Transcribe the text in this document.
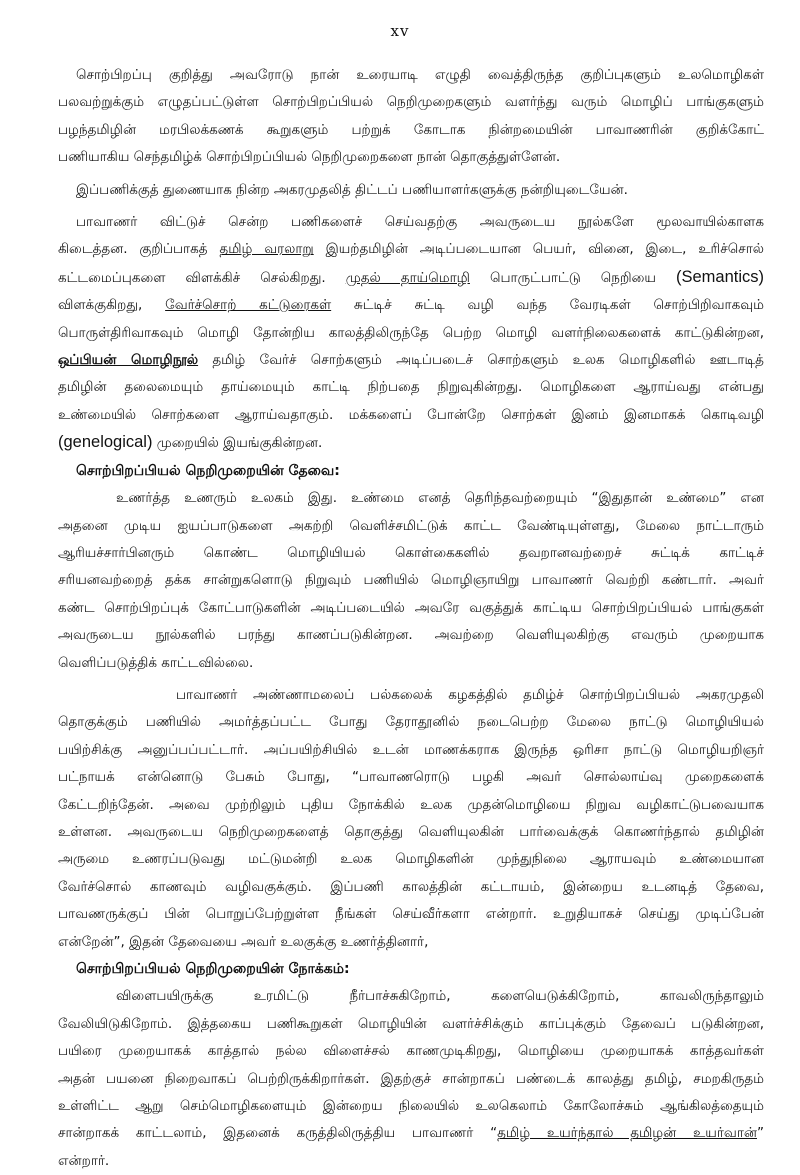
xv
சொற்பிறப்பு குறித்து அவரோடு நான் உரையாடி எழுதி வைத்திருந்த குறிப்புகளும் உலமொழிகள்
பலவற்றுக்கும் எழுதப்பட்டுள்ள சொற்பிறப்பியல் நெறிமுறைகளும் வளர்ந்து வரும் மொழிப் பாங்குகளும்
பழந்தமிழின் மரபிலக்கணக் கூறுகளும் பற்றுக் கோடாக நின்றமையின் பாவாணரின் குறிக்கோட்
பணியாகிய செந்தமிழ்க் சொற்பிறப்பியல் நெறிமுறைகளை நான் தொகுத்துள்ளேன்.
இப்பணிக்குத் துணையாக நின்ற அகரமுதலித் திட்டப் பணியாளர்களுக்கு நன்றியுடையேன்.
பாவாணர் விட்டுச் சென்ற பணிகளைச் செய்வதற்கு அவருடைய நூல்களே மூலவாயில்காளக
கிடைத்தன. குறிப்பாகத் தமிழ் வரலாறு இயற்தமிழின் அடிப்படையான பெயர், வினை, இடை, உரிச்சொல்
கட்டமைப்புகளை விளக்கிச் செல்கிறது. முதல் தாய்மொழி பொருட்பாட்டு நெறியை (Semantics)
விளக்குகிறது, வேர்ச்சொற் கட்டுரைகள் சுட்டிச் சுட்டி வழி வந்த வேரடிகள் சொற்பிறிவாகவும்
பொருள்திரிவாகவும் மொழி தோன்றிய காலத்திலிருந்தே பெற்ற மொழி வளர்நிலைகளைக் காட்டுகின்றன,
ஒப்பியன் மொழிநூல் தமிழ் வேர்ச் சொற்களும் அடிப்படைச் சொற்களும் உலக மொழிகளில் ஊடாடித்
தமிழின் தலைமையும் தாய்மையும் காட்டி நிற்பதை நிறுவுகின்றது. மொழிகளை ஆராய்வது என்பது
உண்மையில் சொற்களை ஆராய்வதாகும். மக்களைப் போன்றே சொற்கள் இனம் இனமாகக் கொடிவழி
(genelogical) முறையில் இயங்குகின்றன.
சொற்பிறப்பியல் நெறிமுறையின் தேவை:
உணர்த்த உணரும் உலகம் இது. உண்மை எனத் தெரிந்தவற்றையும் “இதுதான் உண்மை” என
அதனை முடிய ஐயப்பாடுகளை அகற்றி வெளிச்சமிட்டுக் காட்ட வேண்டியுள்ளது, மேலை நாட்டாரும்
ஆரியச்சார்பினரும் கொண்ட மொழியியல் கொள்கைகளில் தவறானவற்றைச் சுட்டிக் காட்டிச்
சரியனவற்றைத் தக்க சான்றுகளொடு நிறுவும் பணியில் மொழிஞாயிறு பாவாணர் வெற்றி கண்டார். அவர்
கண்ட சொற்பிறப்புக் கோட்பாடுகளின் அடிப்படையில் அவரே வகுத்துக் காட்டிய சொற்பிறப்பியல் பாங்குகள்
அவருடைய நூல்களில் பரந்து காணப்படுகின்றன. அவற்றை வெளியுலகிற்கு எவரும் முறையாக
வெளிப்படுத்திக் காட்டவில்லை.
பாவாணர் அண்ணாமலைப் பல்கலைக் கழகத்தில் தமிழ்ச் சொற்பிறப்பியல் அகரமுதலி
தொகுக்கும் பணியில் அமர்த்தப்பட்ட போது தேராதூனில் நடைபெற்ற மேலை நாட்டு மொழியியல்
பயிற்சிக்கு அனுப்பப்பட்டார். அப்பயிற்சியில் உடன் மாணக்கராக இருந்த ஒரிசா நாட்டு மொழியறிஞர்
பட்நாயக் என்னொடு பேசும் போது, “பாவாணரொடு பழகி அவர் சொல்லாய்வு முறைகளைக்
கேட்டறிந்தேன். அவை முற்றிலும் புதிய நோக்கில் உலக முதன்மொழியை நிறுவ வழிகாட்டுபவையாக
உள்ளன. அவருடைய நெறிமுறைகளைத் தொகுத்து வெளியுலகின் பார்வைக்குக் கொணர்ந்தால் தமிழின்
அருமை உணரப்படுவது மட்டுமன்றி உலக மொழிகளின் முந்துநிலை ஆராயவும் உண்மையான
வேர்ச்சொல் காணவும் வழிவகுக்கும். இப்பணி காலத்தின் கட்டாயம், இன்றைய உடனடித் தேவை,
பாவணருக்குப் பின் பொறுப்பேற்றுள்ள நீங்கள் செய்வீர்களா என்றார். உறுதியாகச் செய்து முடிப்பேன்
என்றேன்”, இதன் தேவையை அவர் உலகுக்கு உணர்த்தினார்,
சொற்பிறப்பியல் நெறிமுறையின் நோக்கம்:
விளைபயிருக்கு உரமிட்டு நீர்பாச்சுகிறோம், களையெடுக்கிறோம், காவலிருந்தாலும்
வேலியிடுகிறோம். இத்தகைய பணிகூறுகள் மொழியின் வளர்ச்சிக்கும் காப்புக்கும் தேவைப் படுகின்றன,
பயிரை முறையாகக் காத்தால் நல்ல விளைச்சல் காணமுடிகிறது, மொழியை முறையாகக் காத்தவர்கள்
அதன் பயனை நிறைவாகப் பெற்றிருக்கிறார்கள். இதற்குச் சான்றாகப் பண்டைக் காலத்து தமிழ், சமறகிருதம்
உள்ளிட்ட ஆறு செம்மொழிகளையும் இன்றைய நிலையில் உலகெலாம் கோலோச்சும் ஆங்கிலத்தையும்
சான்றாகக் காட்டலாம், இதனைக் கருத்திலிருத்திய பாவாணர் “தமிழ் உயர்ந்தால் தமிழன் உயர்வான்”
என்றார்.
